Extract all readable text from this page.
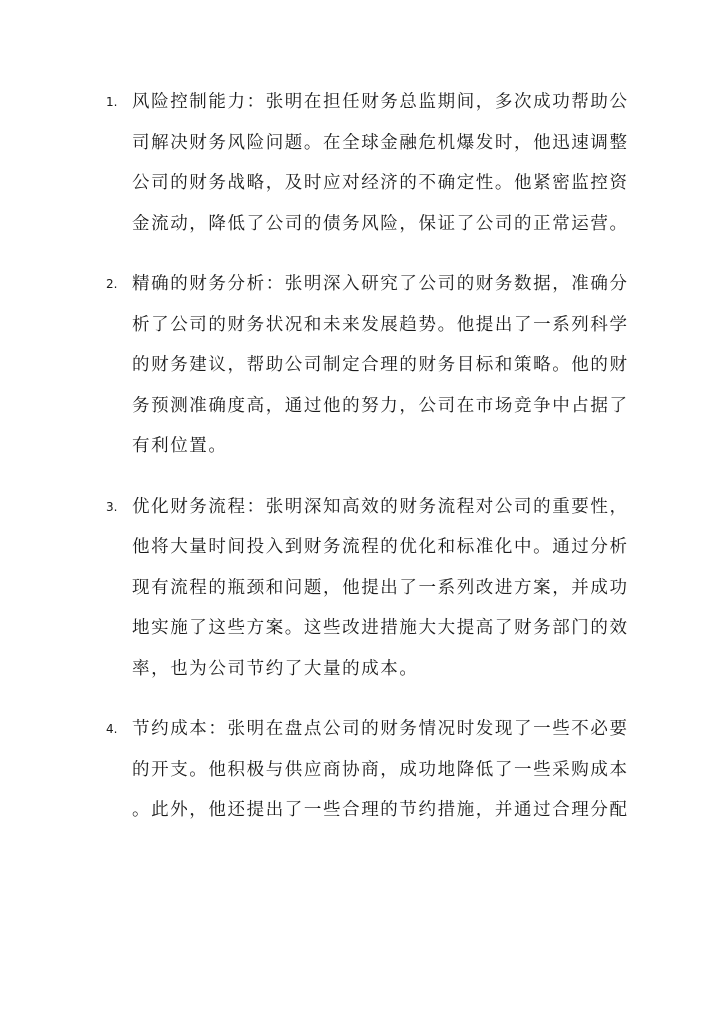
1. 风险控制能力：张明在担任财务总监期间，多次成功帮助公
司解决财务风险问题。在全球金融危机爆发时，他迅速调整
公司的财务战略，及时应对经济的不确定性。他紧密监控资
金流动，降低了公司的债务风险，保证了公司的正常运营。
2. 精确的财务分析：张明深入研究了公司的财务数据，准确分
析了公司的财务状况和未来发展趋势。他提出了一系列科学
的财务建议，帮助公司制定合理的财务目标和策略。他的财
务预测准确度高，通过他的努力，公司在市场竞争中占据了
有利位置。
3. 优化财务流程：张明深知高效的财务流程对公司的重要性，
他将大量时间投入到财务流程的优化和标准化中。通过分析
现有流程的瓶颈和问题，他提出了一系列改进方案，并成功
地实施了这些方案。这些改进措施大大提高了财务部门的效
率，也为公司节约了大量的成本。
4. 节约成本：张明在盘点公司的财务情况时发现了一些不必要
的开支。他积极与供应商协商，成功地降低了一些采购成本
。此外，他还提出了一些合理的节约措施，并通过合理分配
